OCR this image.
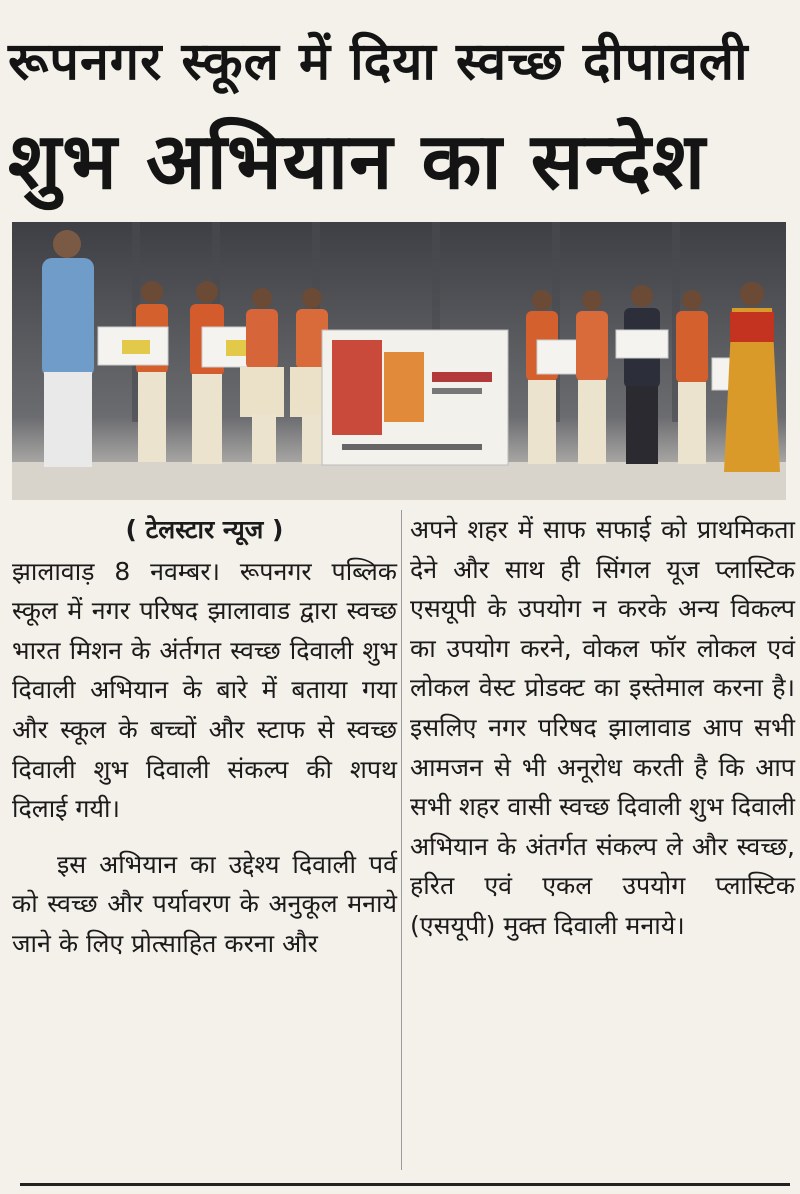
रूपनगर स्कूल में दिया स्वच्छ दीपावली
शुभ अभियान का सन्देश

( टेलस्टार न्यूज )

झालावाड़ 8 नवम्बर। रूपनगर पब्लिक स्कूल में नगर परिषद झालावाड द्वारा स्वच्छ भारत मिशन के अंर्तगत स्वच्छ दिवाली शुभ दिवाली अभियान के बारे में बताया गया और स्कूल के बच्चों और स्टाफ से स्वच्छ दिवाली शुभ दिवाली संकल्प की शपथ दिलाई गयी।

इस अभियान का उद्देश्य दिवाली पर्व को स्वच्छ और पर्यावरण के अनुकूल मनाये जाने के लिए प्रोत्साहित करना और

अपने शहर में साफ सफाई को प्राथमिकता देने और साथ ही सिंगल यूज प्लास्टिक एसयूपी के उपयोग न करके अन्य विकल्प का उपयोग करने, वोकल फॉर लोकल एवं लोकल वेस्ट प्रोडक्ट का इस्तेमाल करना है। इसलिए नगर परिषद झालावाड आप सभी आमजन से भी अनूरोध करती है कि आप सभी शहर वासी स्वच्छ दिवाली शुभ दिवाली अभियान के अंतर्गत संकल्प ले और स्वच्छ, हरित एवं एकल उपयोग प्लास्टिक (एसयूपी) मुक्त दिवाली मनाये।
